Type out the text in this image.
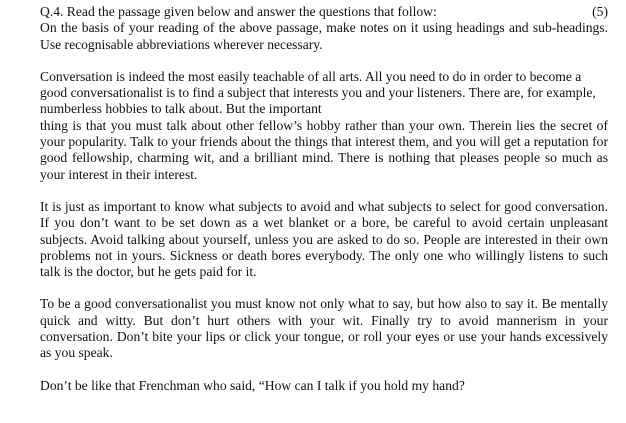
Q.4. Read the passage given below and answer the questions that follow:	(5)

On the basis of your reading of the above passage, make notes on it using headings and sub-headings. Use recognisable abbreviations wherever necessary.

Conversation is indeed the most easily teachable of all arts. All you need to do in order to become a good conversationalist is to find a subject that interests you and your listeners. There are, for example, numberless hobbies to talk about. But the important

thing is that you must talk about other fellow’s hobby rather than your own. Therein lies the secret of your popularity. Talk to your friends about the things that interest them, and you will get a reputation for good fellowship, charming wit, and a brilliant mind. There is nothing that pleases people so much as your interest in their interest.

It is just as important to know what subjects to avoid and what subjects to select for good conversation. If you don’t want to be set down as a wet blanket or a bore, be careful to avoid certain unpleasant subjects. Avoid talking about yourself, unless you are asked to do so. People are interested in their own problems not in yours. Sickness or death bores everybody. The only one who willingly listens to such talk is the doctor, but he gets paid for it.

To be a good conversationalist you must know not only what to say, but how also to say it. Be mentally quick and witty. But don’t hurt others with your wit. Finally try to avoid mannerism in your conversation. Don’t bite your lips or click your tongue, or roll your eyes or use your hands excessively as you speak.

Don’t be like that Frenchman who said, “How can I talk if you hold my hand?
